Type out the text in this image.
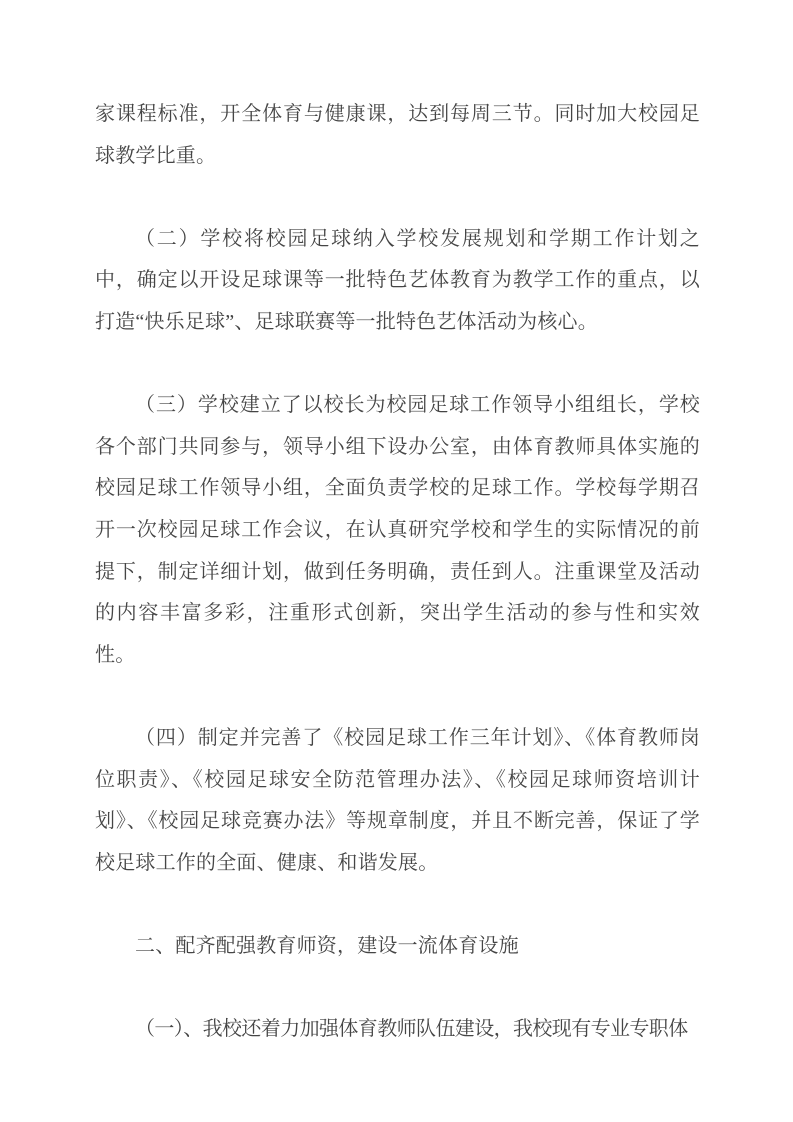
家课程标准，开全体育与健康课，达到每周三节。同时加大校园足球教学比重。

（二）学校将校园足球纳入学校发展规划和学期工作计划之中，确定以开设足球课等一批特色艺体教育为教学工作的重点，以打造“快乐足球”、足球联赛等一批特色艺体活动为核心。

（三）学校建立了以校长为校园足球工作领导小组组长，学校各个部门共同参与，领导小组下设办公室，由体育教师具体实施的校园足球工作领导小组，全面负责学校的足球工作。学校每学期召开一次校园足球工作会议，在认真研究学校和学生的实际情况的前提下，制定详细计划，做到任务明确，责任到人。注重课堂及活动的内容丰富多彩，注重形式创新，突出学生活动的参与性和实效性。

（四）制定并完善了《校园足球工作三年计划》、《体育教师岗位职责》、《校园足球安全防范管理办法》、《校园足球师资培训计划》、《校园足球竞赛办法》等规章制度，并且不断完善，保证了学校足球工作的全面、健康、和谐发展。

二、配齐配强教育师资，建设一流体育设施

（一）、我校还着力加强体育教师队伍建设，我校现有专业专职体
